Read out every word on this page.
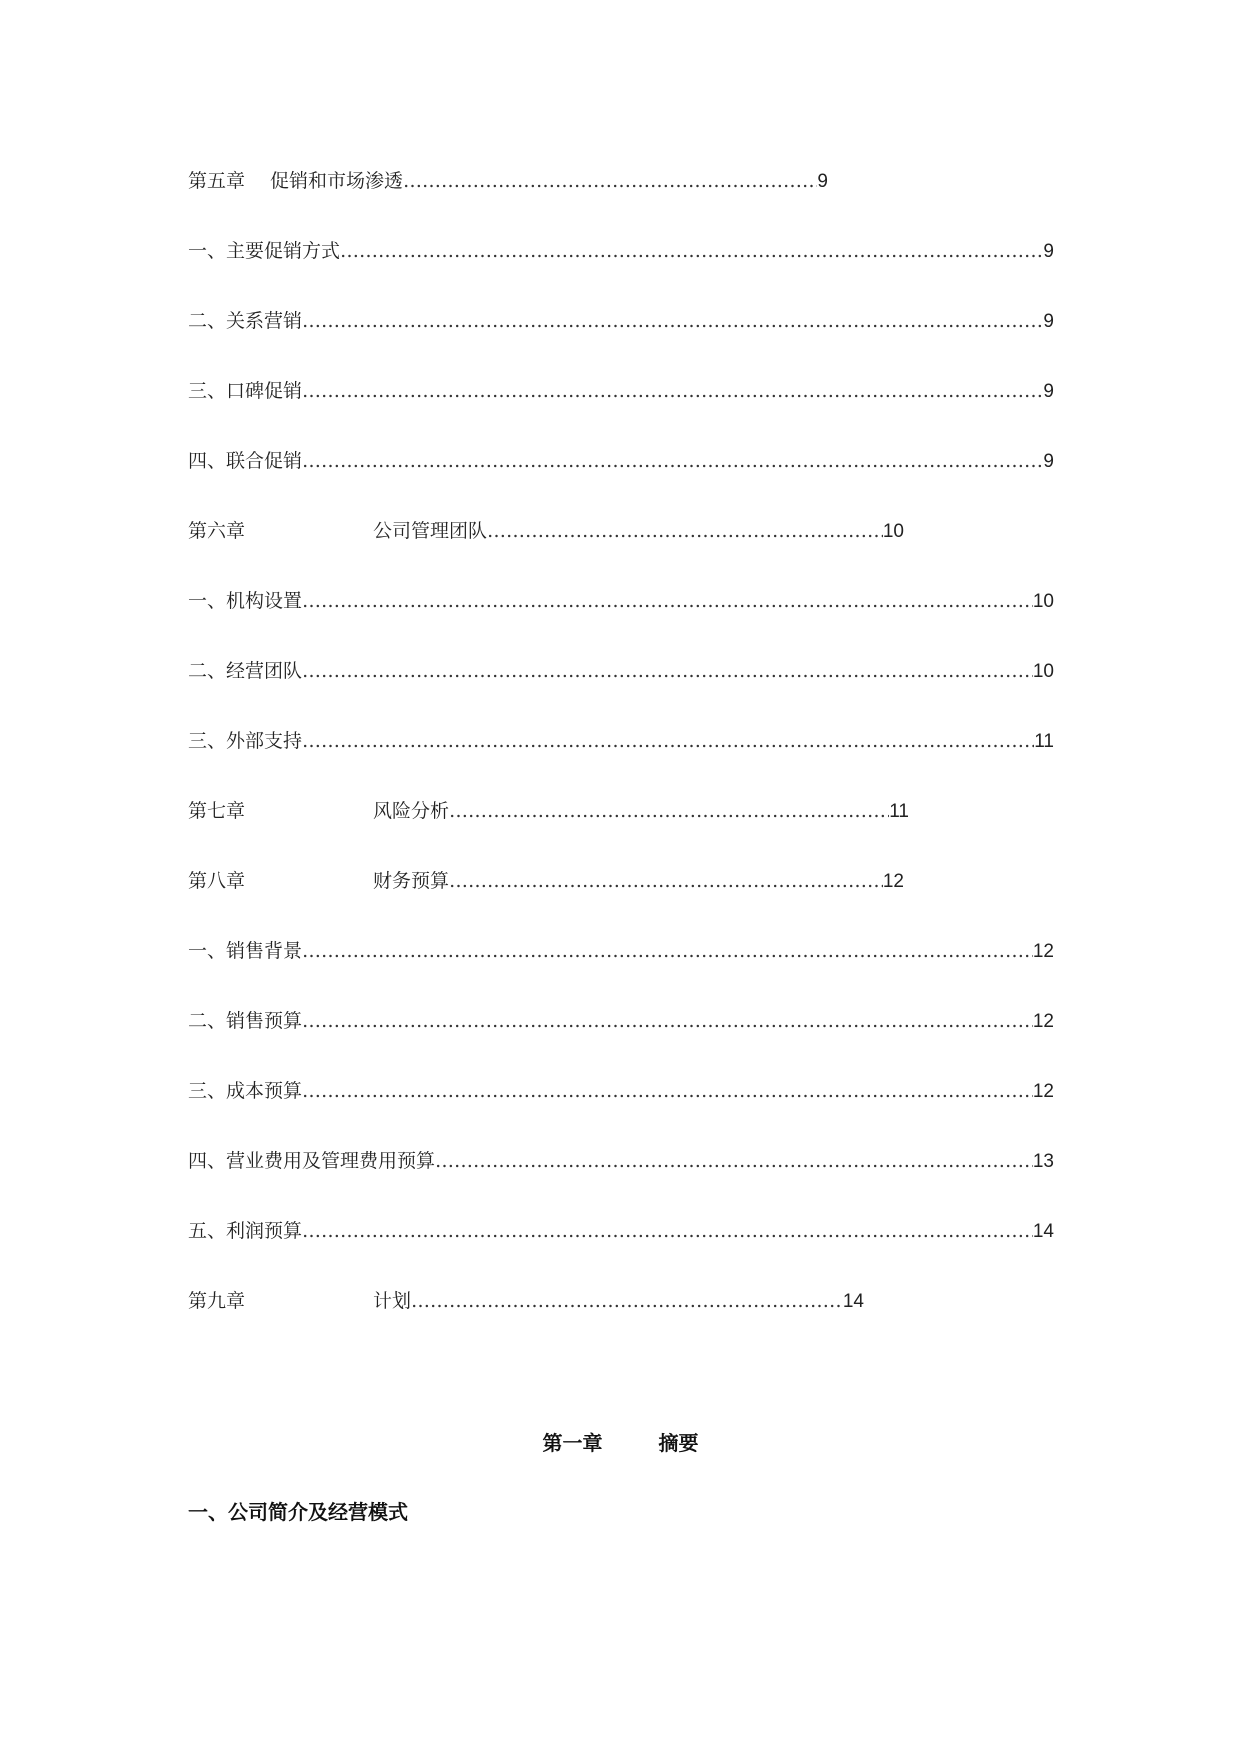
第五章	促销和市场渗透 ……………………………………………………………………………………………………………………………………………………………………	9
一、主要促销方式 ……………………………………………………………………………………………………………………………………………………………………	9
二、关系营销 ……………………………………………………………………………………………………………………………………………………………………	9
三、口碑促销 ……………………………………………………………………………………………………………………………………………………………………	9
四、联合促销 ……………………………………………………………………………………………………………………………………………………………………	9
第六章	公司管理团队 ……………………………………………………………………………………………………………………………………………………………………	10
一、机构设置 ……………………………………………………………………………………………………………………………………………………………………	10
二、经营团队 ……………………………………………………………………………………………………………………………………………………………………	10
三、外部支持 ……………………………………………………………………………………………………………………………………………………………………	11
第七章	风险分析 ……………………………………………………………………………………………………………………………………………………………………	11
第八章	财务预算 ……………………………………………………………………………………………………………………………………………………………………	12
一、销售背景 ……………………………………………………………………………………………………………………………………………………………………	12
二、销售预算 ……………………………………………………………………………………………………………………………………………………………………	12
三、成本预算 ……………………………………………………………………………………………………………………………………………………………………	12
四、营业费用及管理费用预算 ……………………………………………………………………………………………………………………………………………………………………	13
五、利润预算 ……………………………………………………………………………………………………………………………………………………………………	14
第九章	计划 ……………………………………………………………………………………………………………………………………………………………………	14
第一章	摘要
一、公司简介及经营模式
